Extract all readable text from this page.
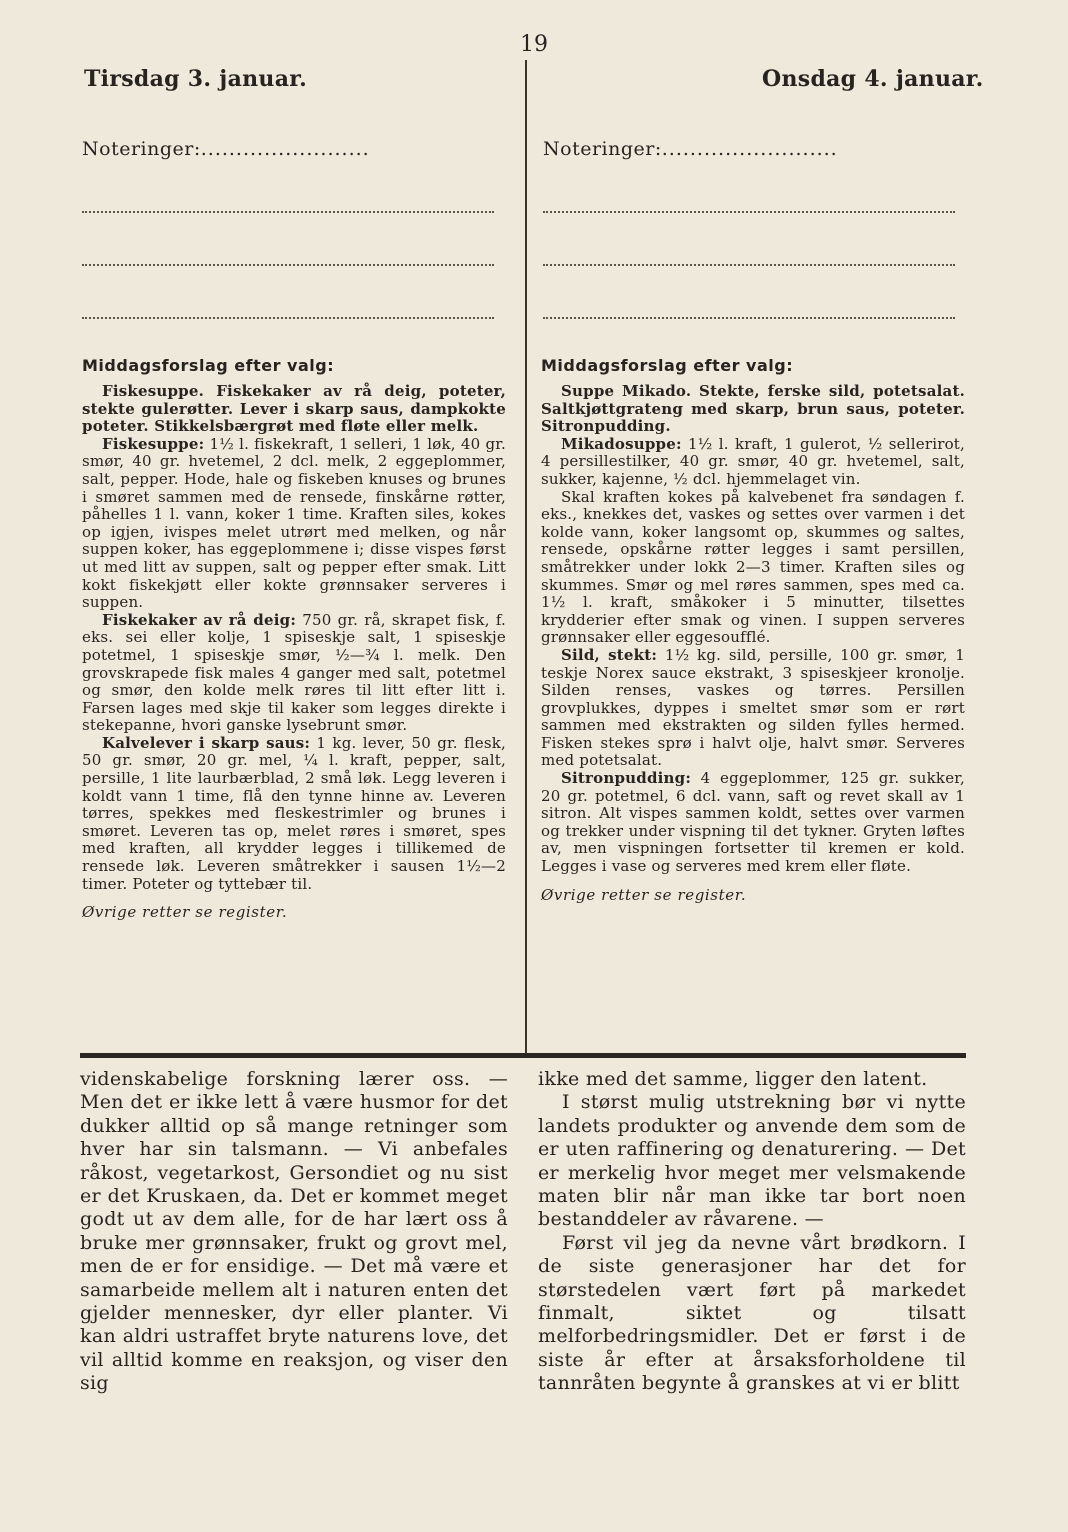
19
Tirsdag 3. januar.	Onsdag 4. januar.
Noteringer:........................	Noteringer:.........................
Middagsforslag efter valg:

Fiskesuppe. Fiskekaker av rå deig, poteter, stekte gulerøtter. Lever i skarp saus, dampkokte poteter. Stikkelsbærgrøt med fløte eller melk.

Fiskesuppe: 1½ l. fiskekraft, 1 selleri, 1 løk, 40 gr. smør, 40 gr. hvetemel, 2 dcl. melk, 2 eggeplommer, salt, pepper. Hode, hale og fiskeben knuses og brunes i smøret sammen med de rensede, finskårne røtter, påhelles 1 l. vann, koker 1 time. Kraften siles, kokes op igjen, ivispes melet utrørt med melken, og når suppen koker, has eggeplommene i; disse vispes først ut med litt av suppen, salt og pepper efter smak. Litt kokt fiskekjøtt eller kokte grønnsaker serveres i suppen.

Fiskekaker av rå deig: 750 gr. rå, skrapet fisk, f. eks. sei eller kolje, 1 spiseskje salt, 1 spiseskje potetmel, 1 spiseskje smør, ½—¾ l. melk. Den grovskrapede fisk males 4 ganger med salt, potetmel og smør, den kolde melk røres til litt efter litt i. Farsen lages med skje til kaker som legges direkte i stekepanne, hvori ganske lysebrunt smør.

Kalvelever i skarp saus: 1 kg. lever, 50 gr. flesk, 50 gr. smør, 20 gr. mel, ¼ l. kraft, pepper, salt, persille, 1 lite laurbærblad, 2 små løk. Legg leveren i koldt vann 1 time, flå den tynne hinne av. Leveren tørres, spekkes med fleskestrimler og brunes i smøret. Leveren tas op, melet røres i smøret, spes med kraften, all krydder legges i tillikemed de rensede løk. Leveren småtrekker i sausen 1½—2 timer. Poteter og tyttebær til.

Øvrige retter se register.
Middagsforslag efter valg:

Suppe Mikado. Stekte, ferske sild, potetsalat. Saltkjøttgrateng med skarp, brun saus, poteter. Sitronpudding.

Mikadosuppe: 1½ l. kraft, 1 gulerot, ½ sellerirot, 4 persillestilker, 40 gr. smør, 40 gr. hvetemel, salt, sukker, kajenne, ½ dcl. hjemmelaget vin.

Skal kraften kokes på kalvebenet fra søndagen f. eks., knekkes det, vaskes og settes over varmen i det kolde vann, koker langsomt op, skummes og saltes, rensede, opskårne røtter legges i samt persillen, småtrekker under lokk 2—3 timer. Kraften siles og skummes. Smør og mel røres sammen, spes med ca. 1½ l. kraft, småkoker i 5 minutter, tilsettes krydderier efter smak og vinen. I suppen serveres grønnsaker eller eggesoufflé.

Sild, stekt: 1½ kg. sild, persille, 100 gr. smør, 1 teskje Norex sauce ekstrakt, 3 spiseskjeer kronolje. Silden renses, vaskes og tørres. Persillen grovplukkes, dyppes i smeltet smør som er rørt sammen med ekstrakten og silden fylles hermed. Fisken stekes sprø i halvt olje, halvt smør. Serveres med potetsalat.

Sitronpudding: 4 eggeplommer, 125 gr. sukker, 20 gr. potetmel, 6 dcl. vann, saft og revet skall av 1 sitron. Alt vispes sammen koldt, settes over varmen og trekker under vispning til det tykner. Gryten løftes av, men vispningen fortsetter til kremen er kold. Legges i vase og serveres med krem eller fløte.

Øvrige retter se register.

videnskabelige forskning lærer oss. — Men det er ikke lett å være husmor for det dukker alltid op så mange retninger som hver har sin talsmann. — Vi anbefales råkost, vegetarkost, Gersondiet og nu sist er det Kruskaen, da. Det er kommet meget godt ut av dem alle, for de har lært oss å bruke mer grønnsaker, frukt og grovt mel, men de er for ensidige. — Det må være et samarbeide mellem alt i naturen enten det gjelder mennesker, dyr eller planter. Vi kan aldri ustraffet bryte naturens love, det vil alltid komme en reaksjon, og viser den sig

ikke med det samme, ligger den latent.

I størst mulig utstrekning bør vi nytte landets produkter og anvende dem som de er uten raffinering og denaturering. — Det er merkelig hvor meget mer velsmakende maten blir når man ikke tar bort noen bestanddeler av råvarene. —

Først vil jeg da nevne vårt brødkorn. I de siste generasjoner har det for størstedelen vært ført på markedet finmalt, siktet og tilsatt melforbedringsmidler. Det er først i de siste år efter at årsaksforholdene til tannråten begynte å granskes at vi er blitt
